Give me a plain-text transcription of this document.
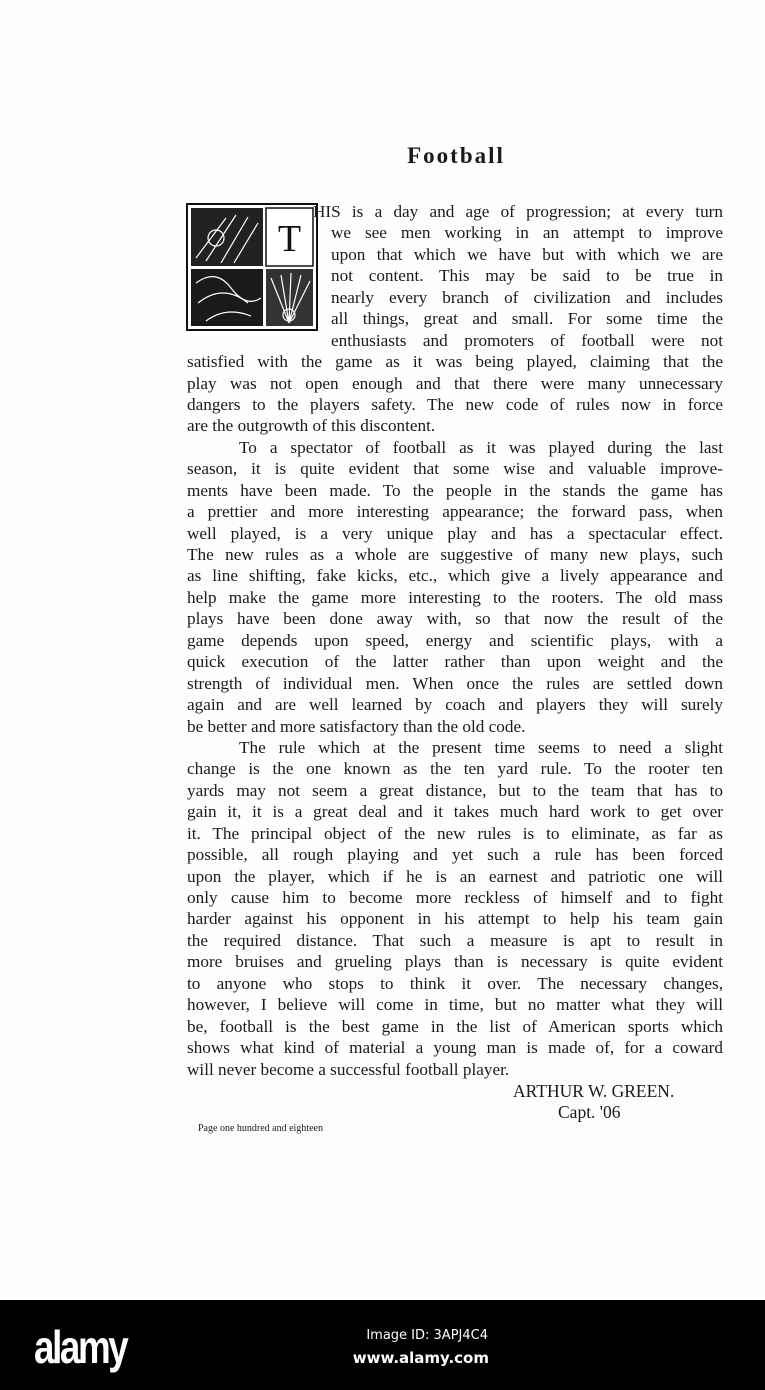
Football
T
HIS is a day and age of progression; at every turn
we see men working in an attempt to improve
upon that which we have but with which we are
not content. This may be said to be true in
nearly every branch of civilization and includes
all things, great and small. For some time the
enthusiasts and promoters of football were not
satisfied with the game as it was being played, claiming that the
play was not open enough and that there were many unnecessary
dangers to the players safety. The new code of rules now in force
are the outgrowth of this discontent.
To a spectator of football as it was played during the last
season, it is quite evident that some wise and valuable improve-
ments have been made. To the people in the stands the game has
a prettier and more interesting appearance; the forward pass, when
well played, is a very unique play and has a spectacular effect.
The new rules as a whole are suggestive of many new plays, such
as line shifting, fake kicks, etc., which give a lively appearance and
help make the game more interesting to the rooters. The old mass
plays have been done away with, so that now the result of the
game depends upon speed, energy and scientific plays, with a
quick execution of the latter rather than upon weight and the
strength of individual men. When once the rules are settled down
again and are well learned by coach and players they will surely
be better and more satisfactory than the old code.
The rule which at the present time seems to need a slight
change is the one known as the ten yard rule. To the rooter ten
yards may not seem a great distance, but to the team that has to
gain it, it is a great deal and it takes much hard work to get over
it. The principal object of the new rules is to eliminate, as far as
possible, all rough playing and yet such a rule has been forced
upon the player, which if he is an earnest and patriotic one will
only cause him to become more reckless of himself and to fight
harder against his opponent in his attempt to help his team gain
the required distance. That such a measure is apt to result in
more bruises and grueling plays than is necessary is quite evident
to anyone who stops to think it over. The necessary changes,
however, I believe will come in time, but no matter what they will
be, football is the best game in the list of American sports which
shows what kind of material a young man is made of, for a coward
will never become a successful football player.
ARTHUR W. GREEN.
Capt. '06
Page one hundred and eighteen
alamy	Image ID: 3APJ4C4
www.alamy.com
